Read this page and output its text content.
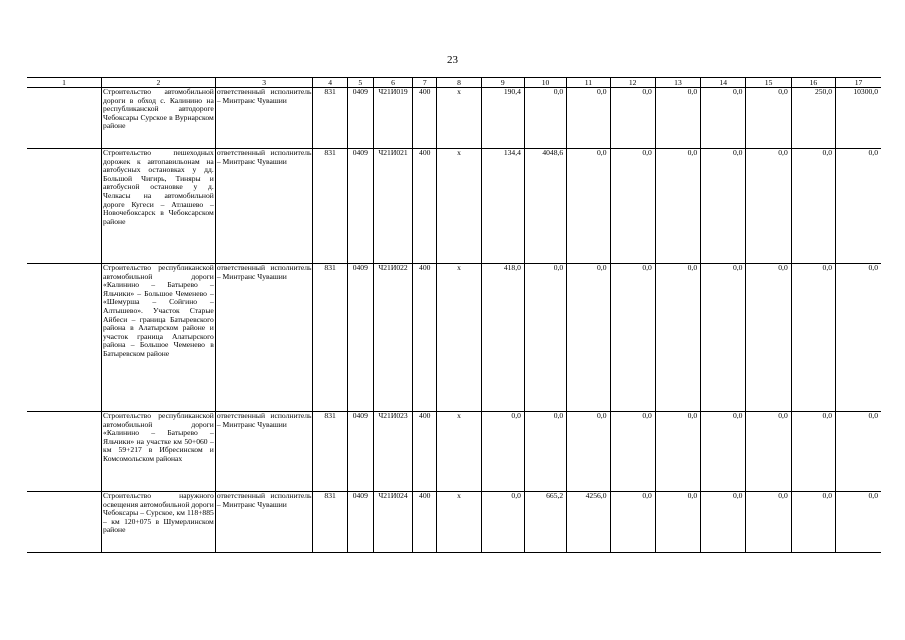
23
1	2	3	4	5	6	7	8	9	10	11	12	13	14	15	16	17
	Строительство автомобильной дороги в обход с. Калинино на республиканской автодороге Чебоксары Сурское в Вурнарском районе	ответственный исполнитель – Минтранс Чувашии	831	0409	Ч21И019	400	х	190,4	0,0	0,0	0,0	0,0	0,0	0,0	250,0	10300,0
	Строительство пешеходных дорожек к автопавильонам на автобусных остановках у дд. Большой Чигирь, Тиняры и автобусной остановке у д. Челкасы на автомобильной дороге Кугеси – Атлашево – Новочебоксарск в Чебоксарском районе	ответственный исполнитель – Минтранс Чувашии	831	0409	Ч21И021	400	х	134,4	4048,6	0,0	0,0	0,0	0,0	0,0	0,0	0,0
	Строительство республиканской автомобильной дороги «Калинино – Батырево – Яльчики» – Большое Чеменево – «Шемурша – Сойгино – Алтышево». Участок Старые Айбеси – граница Батыревского района в Алатырском районе и участок граница Алатырского района – Большое Чеменево в Батыревском районе	ответственный исполнитель – Минтранс Чувашии	831	0409	Ч21И022	400	х	418,0	0,0	0,0	0,0	0,0	0,0	0,0	0,0	0,0
	Строительство республиканской автомобильной дороги «Калинино – Батырево – Яльчики» на участке км 50+060 – км 59+217 в Ибресинском и Комсомольском районах	ответственный исполнитель – Минтранс Чувашии	831	0409	Ч21И023	400	х	0,0	0,0	0,0	0,0	0,0	0,0	0,0	0,0	0,0
	Строительство наружного освещения автомобильной дороги Чебоксары – Сурское, км 118+885 – км 120+075 в Шумерлинском районе	ответственный исполнитель – Минтранс Чувашии	831	0409	Ч21И024	400	х	0,0	665,2	4256,0	0,0	0,0	0,0	0,0	0,0	0,0
